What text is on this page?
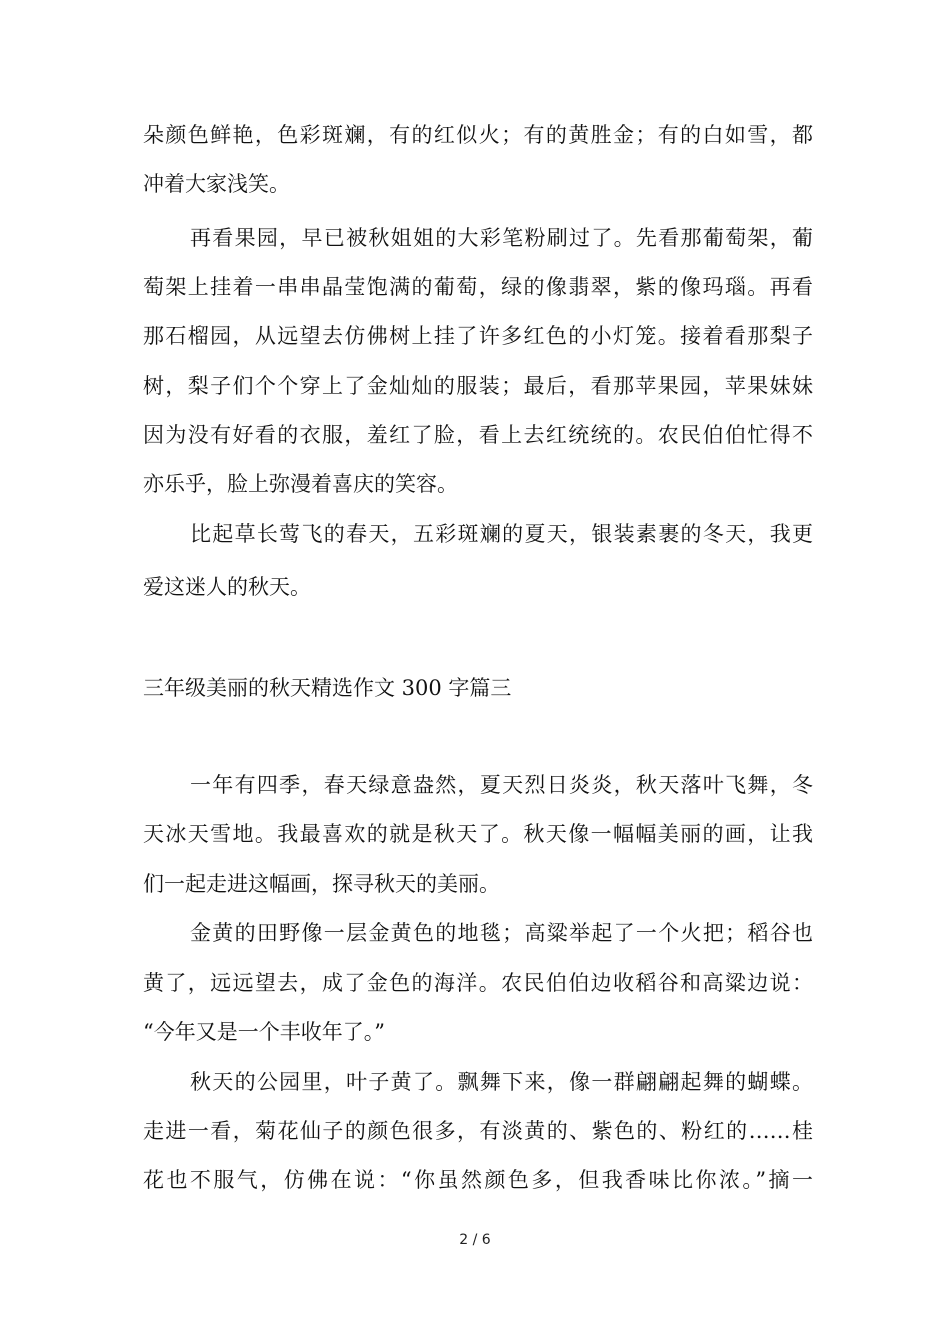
朵颜色鲜艳，色彩斑斓，有的红似火；有的黄胜金；有的白如雪，都
冲着大家浅笑。
再看果园，早已被秋姐姐的大彩笔粉刷过了。先看那葡萄架，葡
萄架上挂着一串串晶莹饱满的葡萄，绿的像翡翠，紫的像玛瑙。再看
那石榴园，从远望去仿佛树上挂了许多红色的小灯笼。接着看那梨子
树，梨子们个个穿上了金灿灿的服装；最后，看那苹果园，苹果妹妹
因为没有好看的衣服，羞红了脸，看上去红统统的。农民伯伯忙得不
亦乐乎，脸上弥漫着喜庆的笑容。
比起草长莺飞的春天，五彩斑斓的夏天，银装素裹的冬天，我更
爱这迷人的秋天。
三年级美丽的秋天精选作文 300 字篇三
一年有四季，春天绿意盎然，夏天烈日炎炎，秋天落叶飞舞，冬
天冰天雪地。我最喜欢的就是秋天了。秋天像一幅幅美丽的画，让我
们一起走进这幅画，探寻秋天的美丽。
金黄的田野像一层金黄色的地毯；高粱举起了一个火把；稻谷也
黄了，远远望去，成了金色的海洋。农民伯伯边收稻谷和高粱边说：
“今年又是一个丰收年了。”
秋天的公园里，叶子黄了。飘舞下来，像一群翩翩起舞的蝴蝶。
走进一看，菊花仙子的颜色很多，有淡黄的、紫色的、粉红的……桂
花也不服气，仿佛在说：“你虽然颜色多，但我香味比你浓。”摘一
2 / 6
